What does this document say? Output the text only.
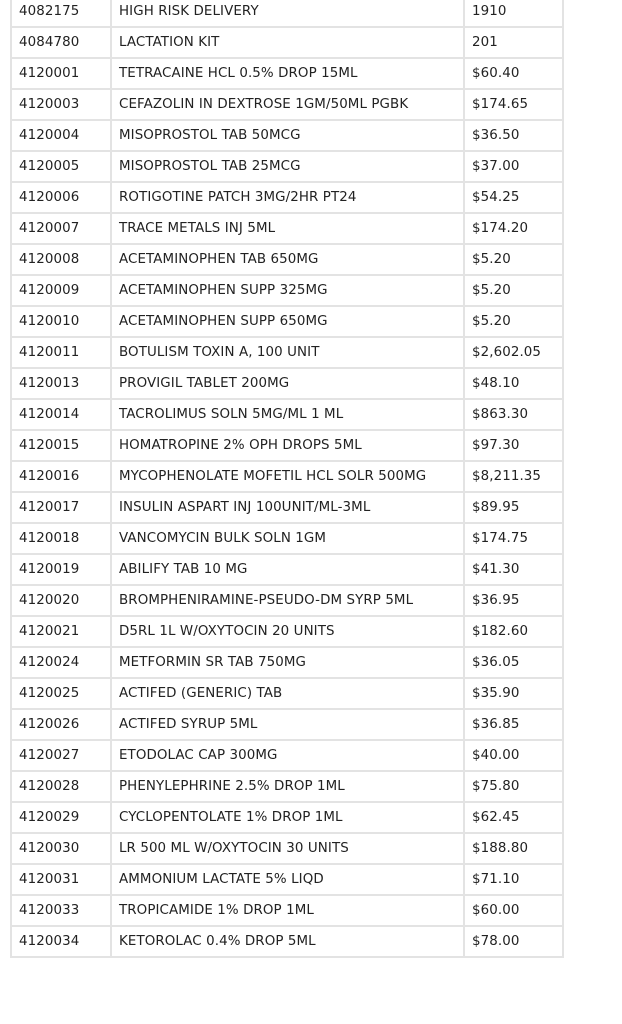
4082175	HIGH RISK DELIVERY	1910
4084780	LACTATION KIT	201
4120001	TETRACAINE HCL 0.5% DROP 15ML	$60.40
4120003	CEFAZOLIN IN DEXTROSE 1GM/50ML PGBK	$174.65
4120004	MISOPROSTOL TAB 50MCG	$36.50
4120005	MISOPROSTOL TAB 25MCG	$37.00
4120006	ROTIGOTINE PATCH 3MG/2HR PT24	$54.25
4120007	TRACE METALS INJ 5ML	$174.20
4120008	ACETAMINOPHEN TAB 650MG	$5.20
4120009	ACETAMINOPHEN SUPP 325MG	$5.20
4120010	ACETAMINOPHEN SUPP 650MG	$5.20
4120011	BOTULISM TOXIN A, 100 UNIT	$2,602.05
4120013	PROVIGIL TABLET 200MG	$48.10
4120014	TACROLIMUS SOLN 5MG/ML 1 ML	$863.30
4120015	HOMATROPINE 2% OPH DROPS 5ML	$97.30
4120016	MYCOPHENOLATE MOFETIL HCL SOLR 500MG	$8,211.35
4120017	INSULIN ASPART INJ 100UNIT/ML-3ML	$89.95
4120018	VANCOMYCIN BULK SOLN 1GM	$174.75
4120019	ABILIFY TAB 10 MG	$41.30
4120020	BROMPHENIRAMINE-PSEUDO-DM SYRP 5ML	$36.95
4120021	D5RL 1L W/OXYTOCIN 20 UNITS	$182.60
4120024	METFORMIN SR TAB 750MG	$36.05
4120025	ACTIFED (GENERIC) TAB	$35.90
4120026	ACTIFED SYRUP 5ML	$36.85
4120027	ETODOLAC CAP 300MG	$40.00
4120028	PHENYLEPHRINE 2.5% DROP 1ML	$75.80
4120029	CYCLOPENTOLATE 1% DROP 1ML	$62.45
4120030	LR 500 ML W/OXYTOCIN 30 UNITS	$188.80
4120031	AMMONIUM LACTATE 5% LIQD	$71.10
4120033	TROPICAMIDE 1% DROP 1ML	$60.00
4120034	KETOROLAC 0.4% DROP 5ML	$78.00
